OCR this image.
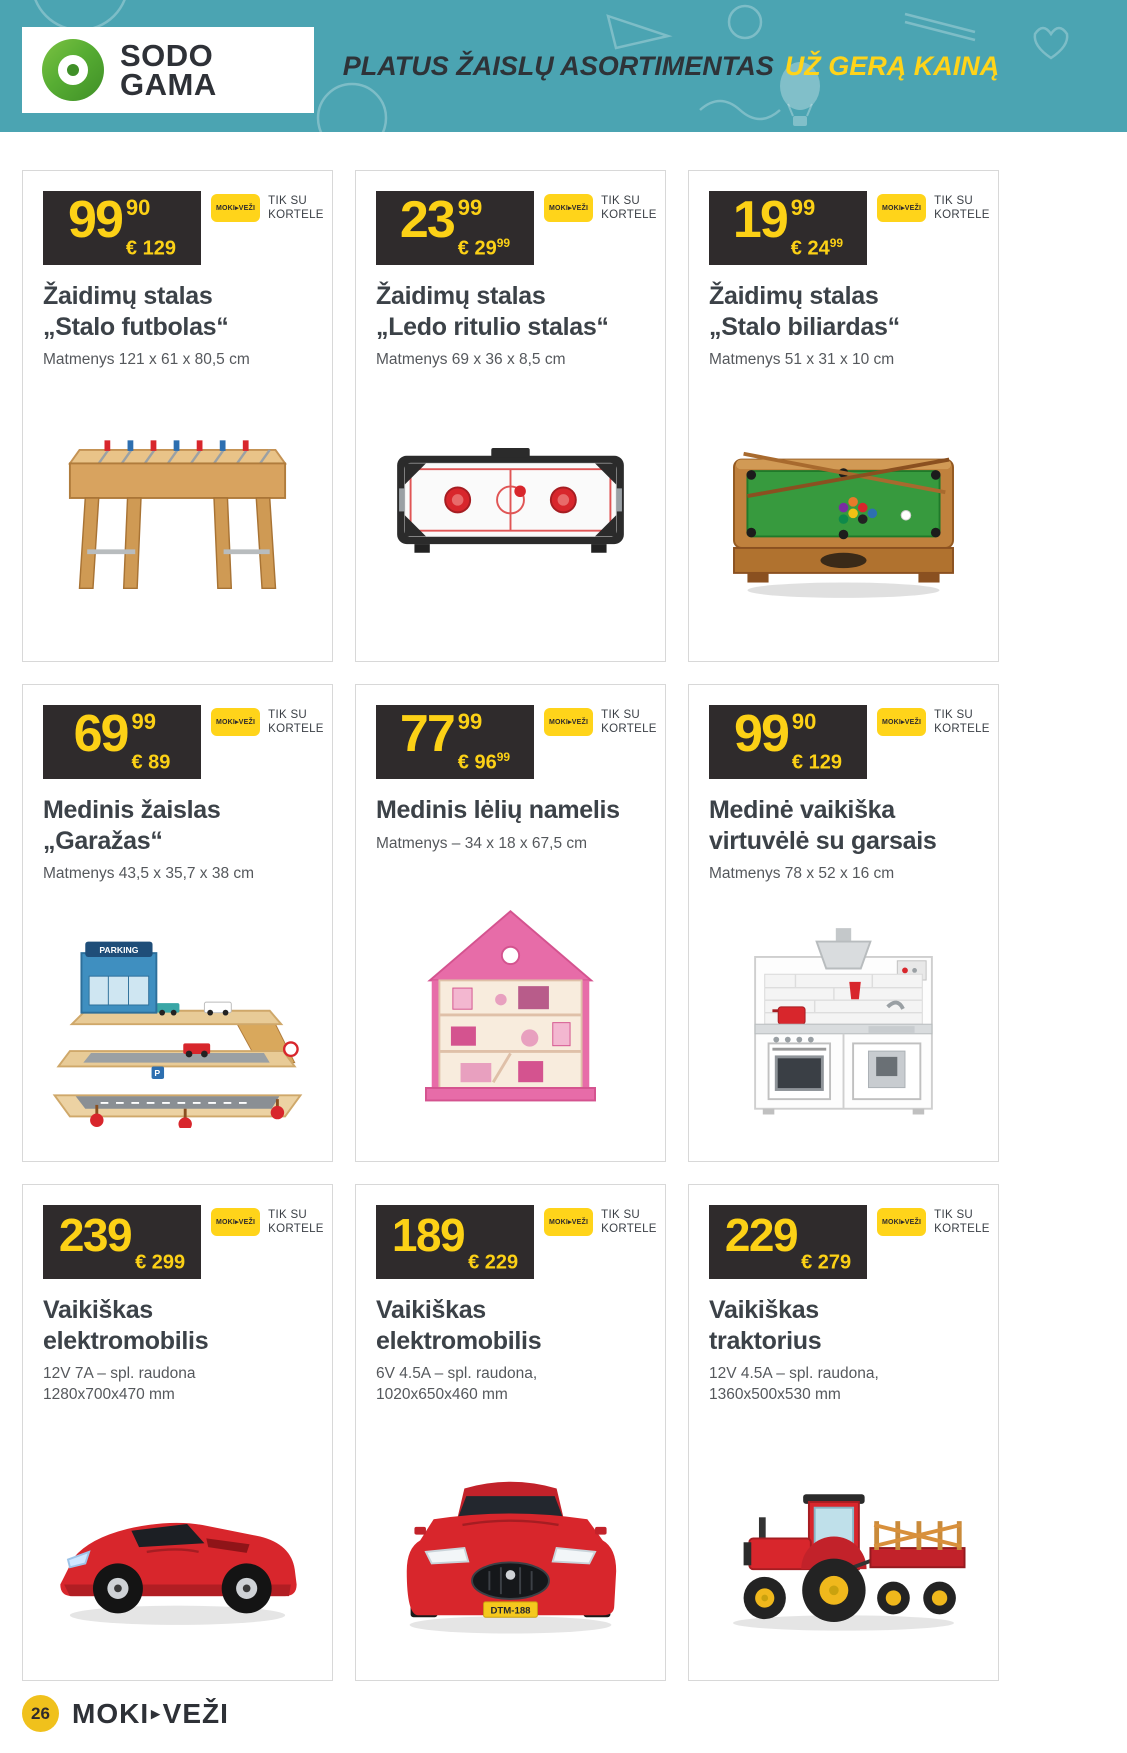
SODO
GAMA
PLATUS ŽAISLŲ ASORTIMENTAS UŽ GERĄ KAINĄ
99 90
€ 129
MOKI▸VEŽI
TIK SU
KORTELE
Žaidimų stalas
„Stalo futbolas“

Matmenys 121 x 61 x 80,5 cm

23 99
€ $29^{99}$
MOKI▸VEŽI
TIK SU
KORTELE
Žaidimų stalas
„Ledo ritulio stalas“

Matmenys 69 x 36 x 8,5 cm

19 99
€ $24^{99}$
MOKI▸VEŽI
TIK SU
KORTELE
Žaidimų stalas
„Stalo biliardas“

Matmenys 51 x 31 x 10 cm

69 99
€ 89
MOKI▸VEŽI
TIK SU
KORTELE
Medinis žaislas „Garažas“

Matmenys 43,5 x 35,7 x 38 cm

PARKING
P
77 99
€ $96^{99}$
MOKI▸VEŽI
TIK SU
KORTELE
Medinis lėlių namelis

Matmenys – 34 x 18 x 67,5 cm

99 90
€ 129
MOKI▸VEŽI
TIK SU
KORTELE
Medinė vaikiška
virtuvėlė su garsais

Matmenys 78 x 52 x 16 cm

239
€ 299
MOKI▸VEŽI
TIK SU
KORTELE
Vaikiškas
elektromobilis

12V 7A – spl. raudona
1280x700x470 mm

189
€ 229
MOKI▸VEŽI
TIK SU
KORTELE
Vaikiškas
elektromobilis

6V 4.5A – spl. raudona,
1020x650x460 mm

DTM-188
229
€ 279
MOKI▸VEŽI
TIK SU
KORTELE
Vaikiškas
traktorius

12V 4.5A – spl. raudona,
1360x500x530 mm

26 MOKI ▸ VEŽI
